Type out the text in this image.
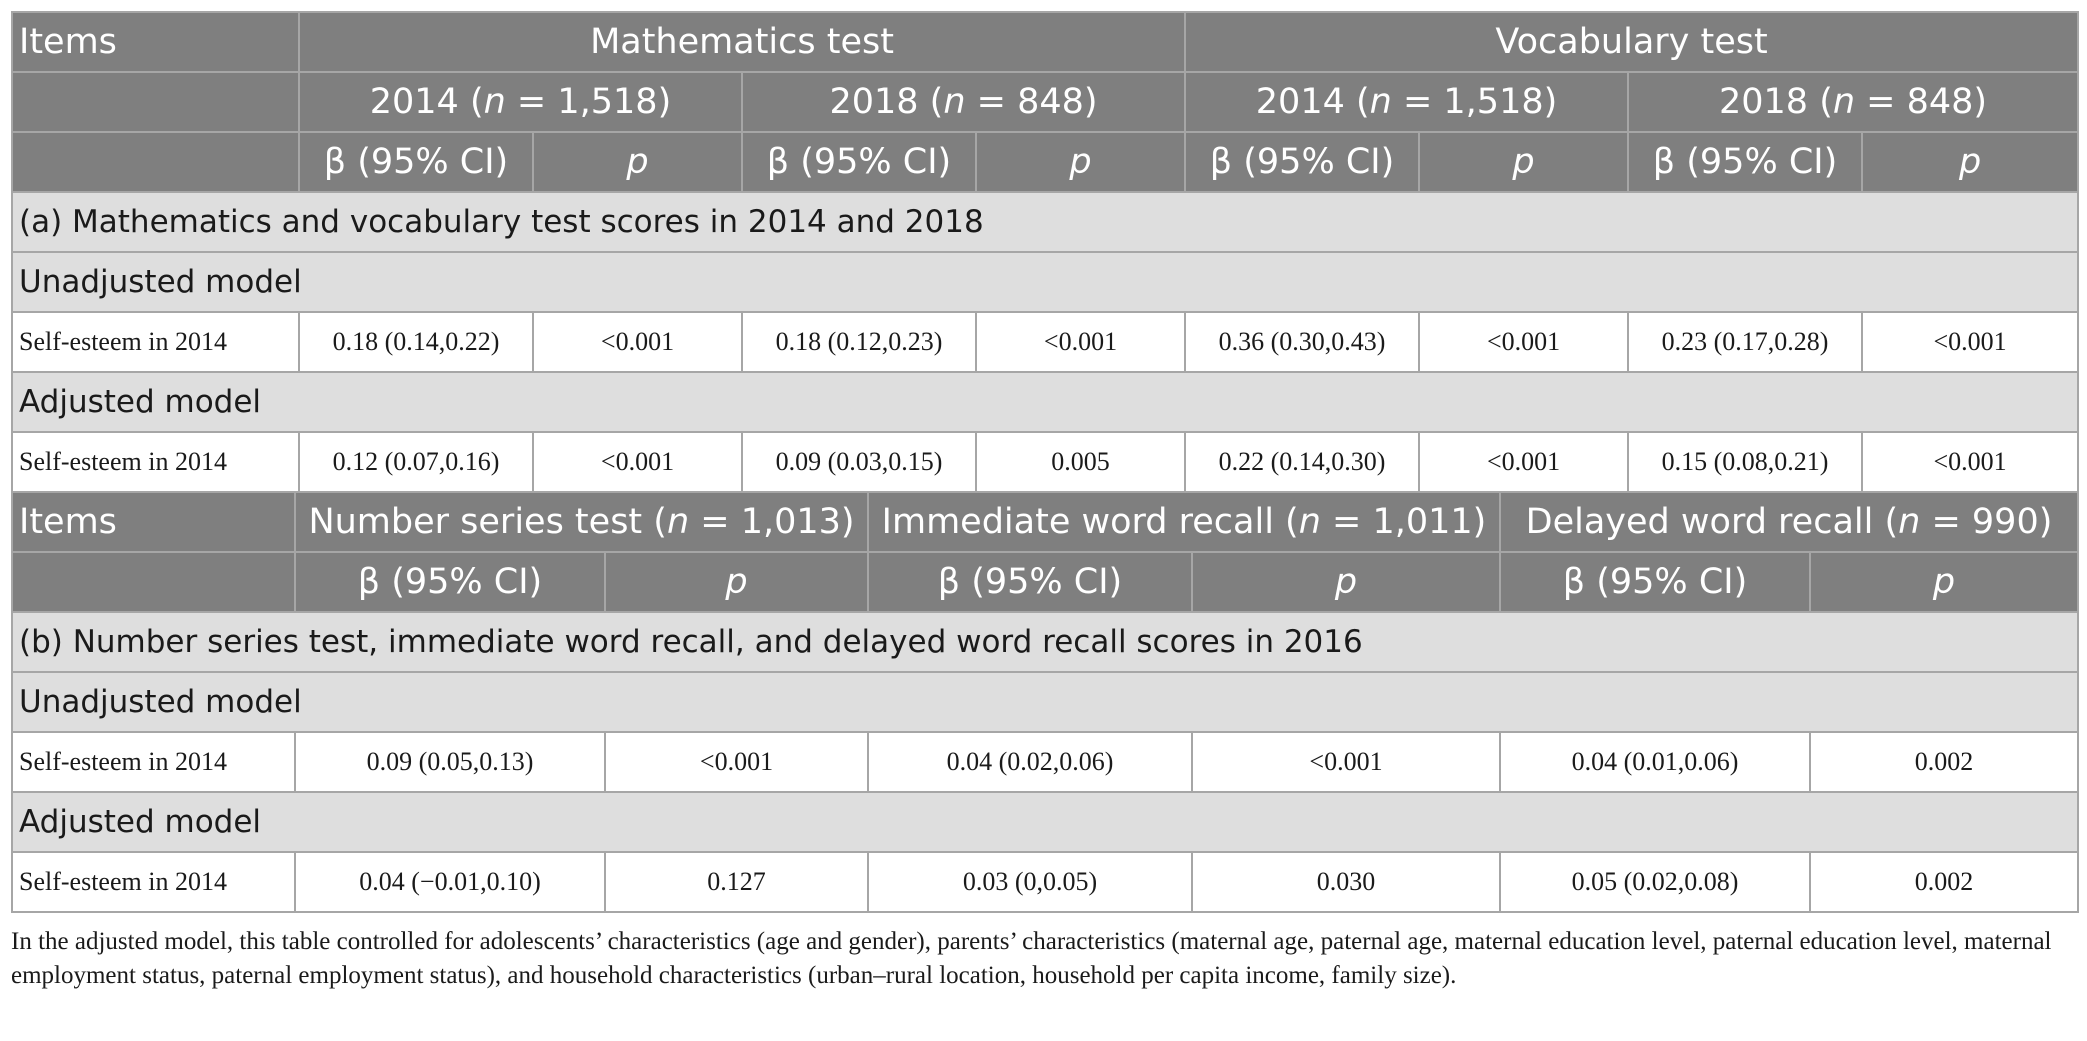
Items	Mathematics test				Vocabulary test			
	2014 (n = 1,518)		2018 (n = 848)		2014 (n = 1,518)		2018 (n = 848)	
	β (95% CI)	p	β (95% CI)	p	β (95% CI)	p	β (95% CI)	p
(a) Mathematics and vocabulary test scores in 2014 and 2018								
Unadjusted model								
Self-esteem in 2014	0.18 (0.14,0.22)	<0.001	0.18 (0.12,0.23)	<0.001	0.36 (0.30,0.43)	<0.001	0.23 (0.17,0.28)	<0.001
Adjusted model								
Self-esteem in 2014	0.12 (0.07,0.16)	<0.001	0.09 (0.03,0.15)	0.005	0.22 (0.14,0.30)	<0.001	0.15 (0.08,0.21)	<0.001
Items	Number series test (n = 1,013)		Immediate word recall (n = 1,011)		Delayed word recall (n = 990)	
	β (95% CI)	p	β (95% CI)	p	β (95% CI)	p
(b) Number series test, immediate word recall, and delayed word recall scores in 2016						
Unadjusted model						
Self-esteem in 2014	0.09 (0.05,0.13)	<0.001	0.04 (0.02,0.06)	<0.001	0.04 (0.01,0.06)	0.002
Adjusted model						
Self-esteem in 2014	0.04 (−0.01,0.10)	0.127	0.03 (0,0.05)	0.030	0.05 (0.02,0.08)	0.002
In the adjusted model, this table controlled for adolescents’ characteristics (age and gender), parents’ characteristics (maternal age, paternal age, maternal education level, paternal education level, maternal employment status, paternal employment status), and household characteristics (urban–rural location, household per capita income, family size).
